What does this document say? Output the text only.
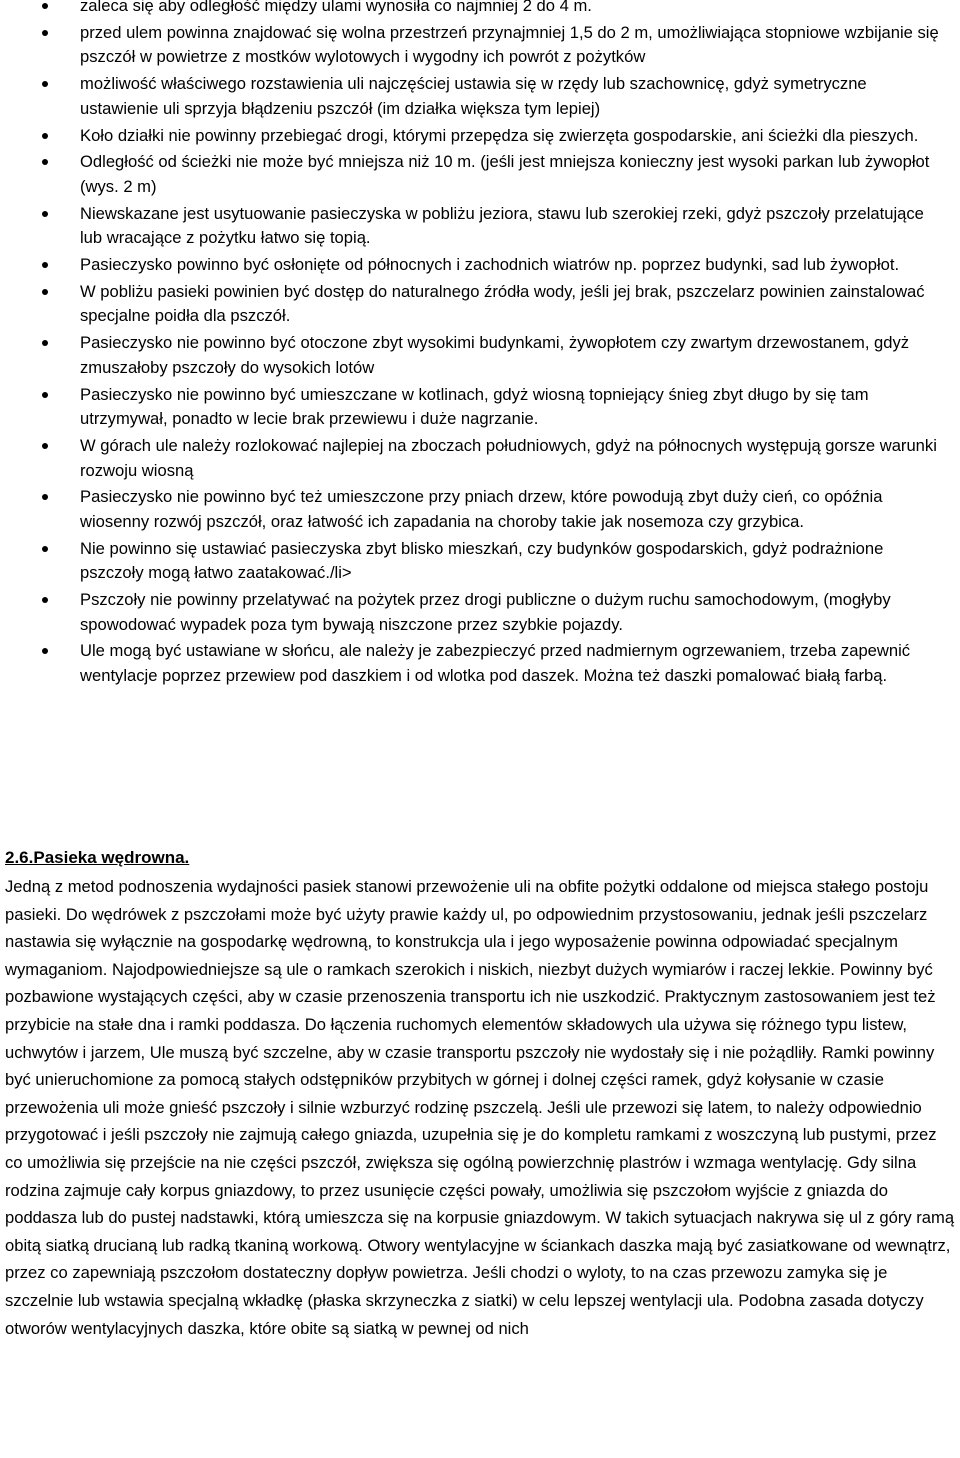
zaleca się aby odległość między ulami wynosiła co najmniej 2 do 4 m.
przed ulem powinna znajdować się wolna przestrzeń przynajmniej 1,5 do 2 m, umożliwiająca stopniowe wzbijanie się pszczół w powietrze z mostków wylotowych i wygodny ich powrót z pożytków
możliwość właściwego rozstawienia uli najczęściej ustawia się w rzędy lub szachownicę, gdyż symetryczne ustawienie uli sprzyja błądzeniu pszczół (im działka większa tym lepiej)
Koło działki nie powinny przebiegać drogi, którymi przepędza się zwierzęta gospodarskie, ani ścieżki dla pieszych.
Odległość od ścieżki nie może być mniejsza niż 10 m. (jeśli jest mniejsza konieczny jest wysoki parkan lub żywopłot (wys. 2 m)
Niewskazane jest usytuowanie pasieczyska w pobliżu jeziora, stawu lub szerokiej rzeki, gdyż pszczoły przelatujące lub wracające z pożytku łatwo się topią.
Pasieczysko powinno być osłonięte od północnych i zachodnich wiatrów np. poprzez budynki, sad lub żywopłot.
W pobliżu pasieki powinien być dostęp do naturalnego źródła wody, jeśli jej brak, pszczelarz powinien zainstalować specjalne poidła dla pszczół.
Pasieczysko nie powinno być otoczone zbyt wysokimi budynkami, żywopłotem czy zwartym drzewostanem, gdyż zmuszałoby pszczoły do wysokich lotów
Pasieczysko nie powinno być umieszczane w kotlinach, gdyż wiosną topniejący śnieg zbyt długo by się tam utrzymywał, ponadto w lecie brak przewiewu i duże nagrzanie.
W górach ule należy rozlokować najlepiej na zboczach południowych, gdyż na północnych występują gorsze warunki rozwoju wiosną
Pasieczysko nie powinno być też umieszczone przy pniach drzew, które powodują zbyt duży cień, co opóźnia wiosenny rozwój pszczół, oraz łatwość ich zapadania na choroby takie jak nosemoza czy grzybica.
Nie powinno się ustawiać pasieczyska zbyt blisko mieszkań, czy budynków gospodarskich, gdyż podrażnione pszczoły mogą łatwo zaatakować./li>
Pszczoły nie powinny przelatywać na pożytek przez drogi publiczne o dużym ruchu samochodowym, (mogłyby spowodować wypadek poza tym bywają niszczone przez szybkie pojazdy.
Ule mogą być ustawiane w słońcu, ale należy je zabezpieczyć przed nadmiernym ogrzewaniem, trzeba zapewnić wentylacje poprzez przewiew pod daszkiem i od wlotka pod daszek. Można też daszki pomalować białą farbą.
2.6.Pasieka wędrowna.

Jedną z metod podnoszenia wydajności pasiek stanowi przewożenie uli na obfite pożytki oddalone od miejsca stałego postoju pasieki. Do wędrówek z pszczołami może być użyty prawie każdy ul, po odpowiednim przystosowaniu, jednak jeśli pszczelarz nastawia się wyłącznie na gospodarkę wędrowną, to konstrukcja ula i jego wyposażenie powinna odpowiadać specjalnym wymaganiom. Najodpowiedniejsze są ule o ramkach szerokich i niskich, niezbyt dużych wymiarów i raczej lekkie. Powinny być pozbawione wystających części, aby w czasie przenoszenia transportu ich nie uszkodzić. Praktycznym zastosowaniem jest też przybicie na stałe dna i ramki poddasza. Do łączenia ruchomych elementów składowych ula używa się różnego typu listew, uchwytów i jarzem, Ule muszą być szczelne, aby w czasie transportu pszczoły nie wydostały się i nie pożądliły. Ramki powinny być unieruchomione za pomocą stałych odstępników przybitych w górnej i dolnej części ramek, gdyż kołysanie w czasie przewożenia uli może gnieść pszczoły i silnie wzburzyć rodzinę pszczelą. Jeśli ule przewozi się latem, to należy odpowiednio przygotować i jeśli pszczoły nie zajmują całego gniazda, uzupełnia się je do kompletu ramkami z woszczyną lub pustymi, przez co umożliwia się przejście na nie części pszczół, zwiększa się ogólną powierzchnię plastrów i wzmaga wentylację. Gdy silna rodzina zajmuje cały korpus gniazdowy, to przez usunięcie części powały, umożliwia się pszczołom wyjście z gniazda do poddasza lub do pustej nadstawki, którą umieszcza się na korpusie gniazdowym. W takich sytuacjach nakrywa się ul z góry ramą obitą siatką drucianą lub radką tkaniną workową. Otwory wentylacyjne w ściankach daszka mają być zasiatkowane od wewnątrz, przez co zapewniają pszczołom dostateczny dopływ powietrza. Jeśli chodzi o wyloty, to na czas przewozu zamyka się je szczelnie lub wstawia specjalną wkładkę (płaska skrzyneczka z siatki) w celu lepszej wentylacji ula. Podobna zasada dotyczy otworów wentylacyjnych daszka, które obite są siatką w pewnej od nich
